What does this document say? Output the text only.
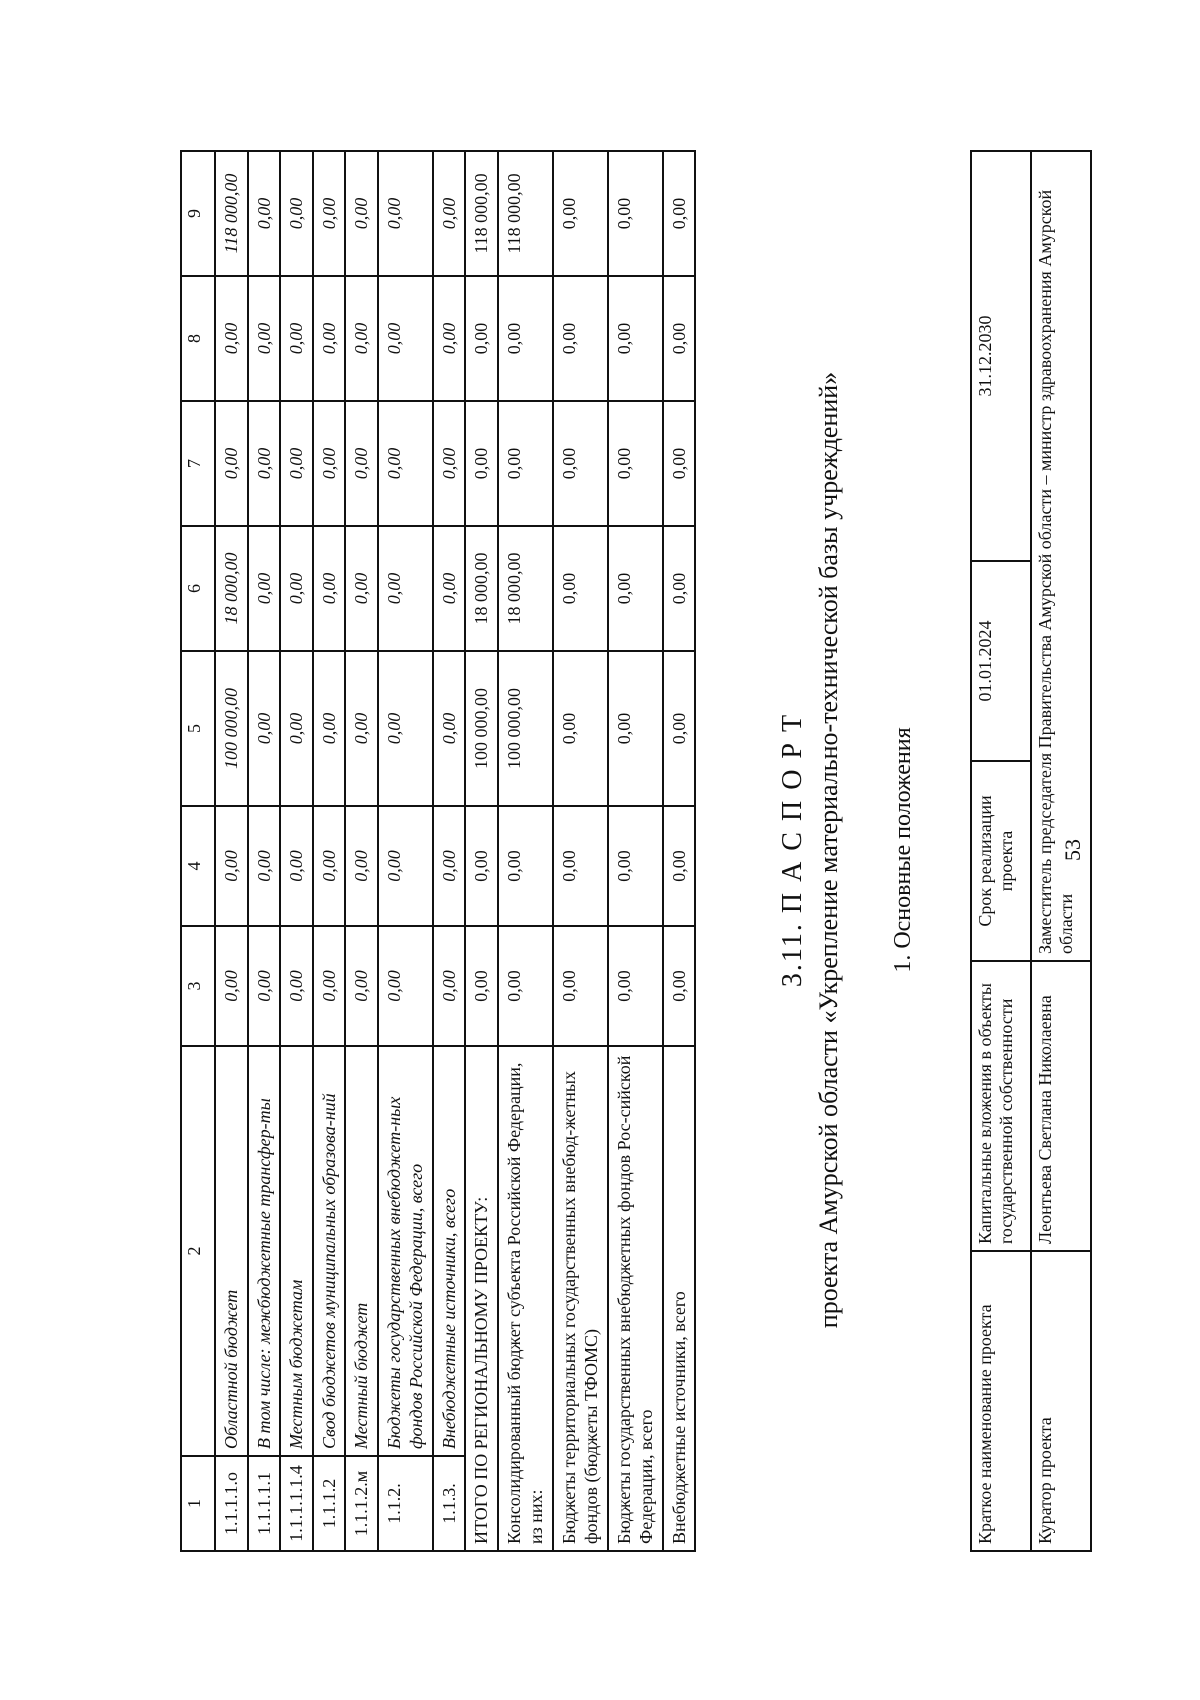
53
1	2	3	4	5	6	7	8	9
1.1.1.1.о	Областной бюджет	0,00	0,00	100 000,00	18 000,00	0,00	0,00	118 000,00
1.1.1.1.1	В том числе: межбюджетные трансфер-ты	0,00	0,00	0,00	0,00	0,00	0,00	0,00
1.1.1.1.1.4	Местным бюджетам	0,00	0,00	0,00	0,00	0,00	0,00	0,00
1.1.1.2	Свод бюджетов муниципальных образова-ний	0,00	0,00	0,00	0,00	0,00	0,00	0,00
1.1.1.2.м	Местный бюджет	0,00	0,00	0,00	0,00	0,00	0,00	0,00
1.1.2.	Бюджеты государственных внебюджет-ных фондов Российской Федерации, всего	0,00	0,00	0,00	0,00	0,00	0,00	0,00
1.1.3.	Внебюджетные источники, всего	0,00	0,00	0,00	0,00	0,00	0,00	0,00
ИТОГО ПО РЕГИОНАЛЬНОМУ ПРОЕКТУ:		0,00	0,00	100 000,00	18 000,00	0,00	0,00	118 000,00
Консолидированный бюджет субъекта Российской Федерации, из них:		0,00	0,00	100 000,00	18 000,00	0,00	0,00	118 000,00
Бюджеты территориальных государственных внебюд-жетных фондов (бюджеты ТФОМС)		0,00	0,00	0,00	0,00	0,00	0,00	0,00
Бюджеты государственных внебюджетных фондов Рос-сийской Федерации, всего		0,00	0,00	0,00	0,00	0,00	0,00	0,00
Внебюджетные источники, всего		0,00	0,00	0,00	0,00	0,00	0,00	0,00
3.11. П А С П О Р Т проекта Амурской области «Укрепление материально-технической базы учреждений» 1. Основные положения
Краткое наименование проекта	Капитальные вложения в объекты государственной собственности	Срок реализации проекта	01.01.2024	31.12.2030
Куратор проекта	Леонтьева Светлана Николаевна	Заместитель председателя Правительства Амурской области – министр здравоохранения Амурской области		
